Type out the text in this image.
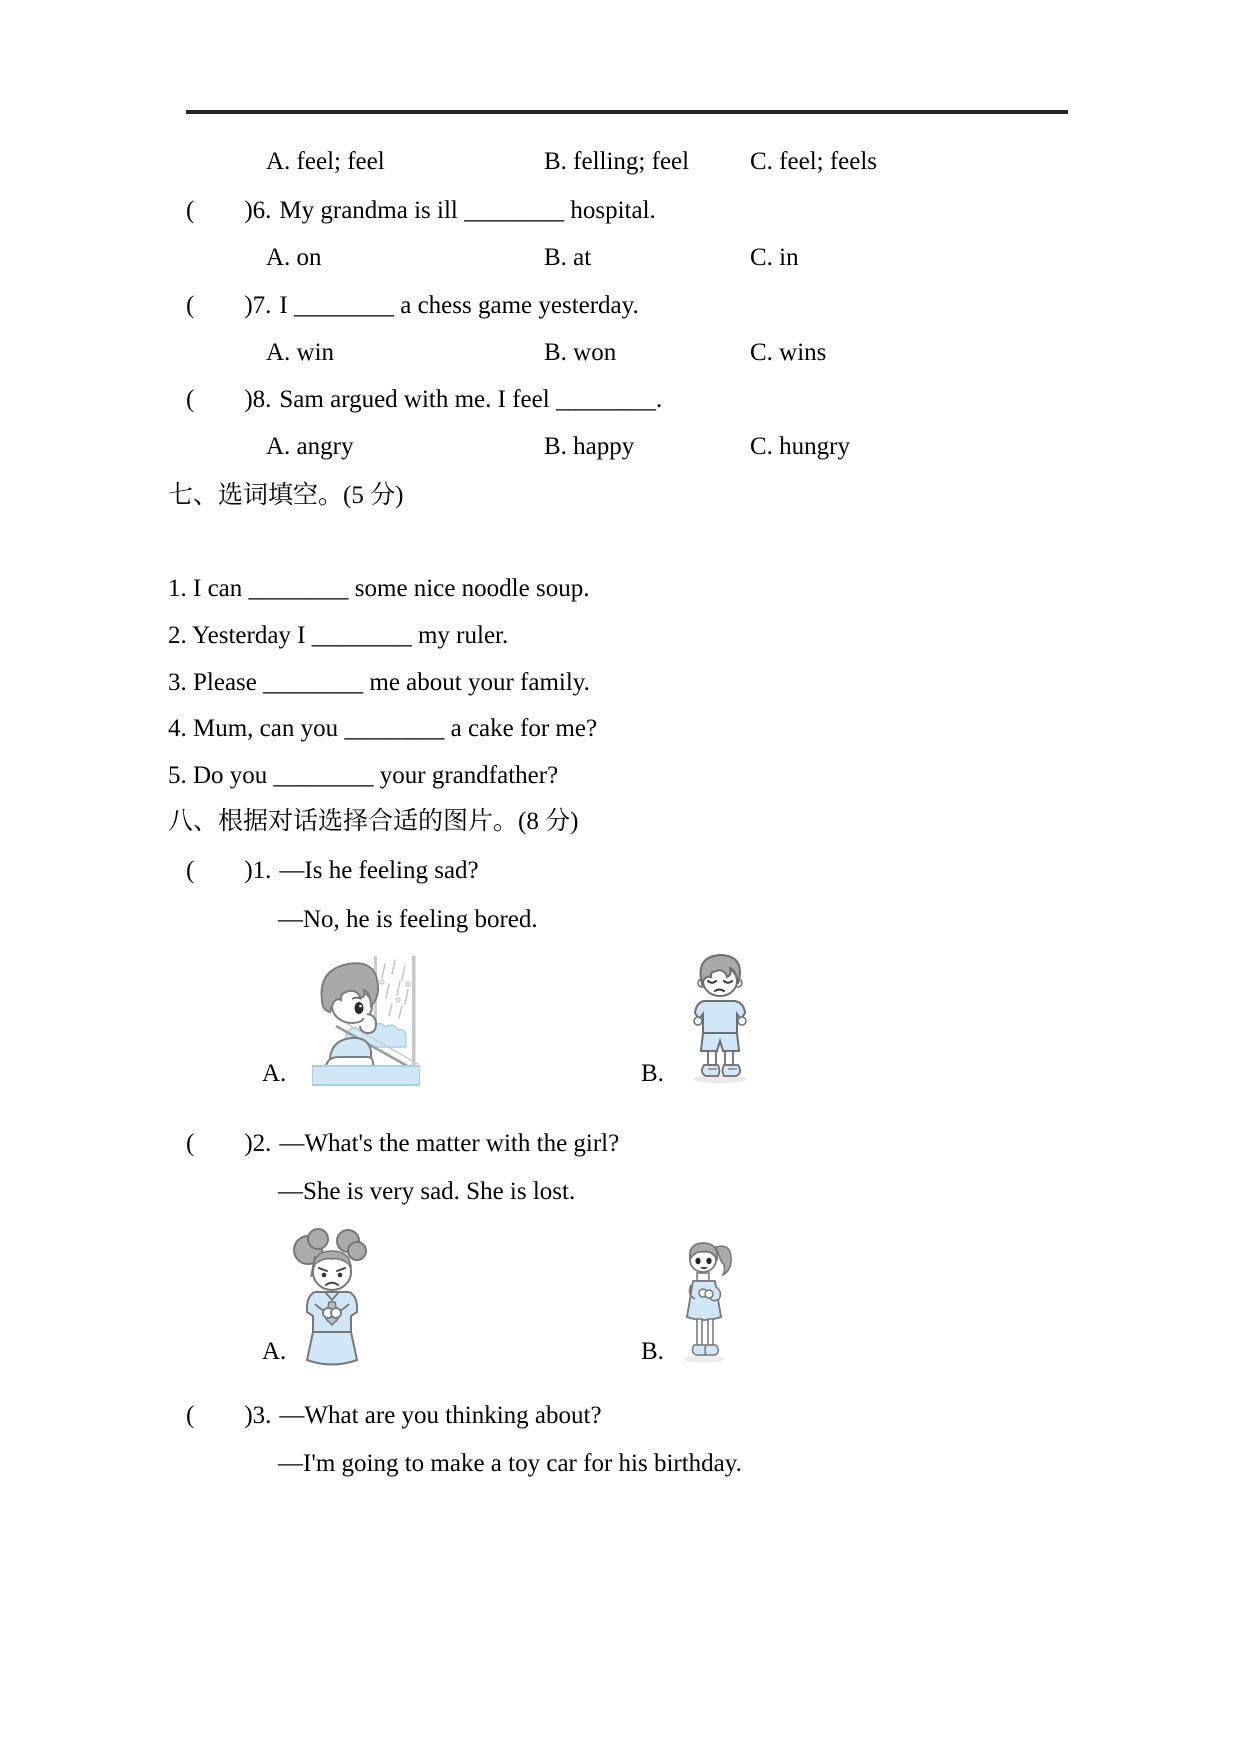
A. feel; feel	B. felling; feel C. feel; feels
(        )6. My grandma is ill ________ hospital.
A. on	B. at	C. in
(        )7. I ________ a chess game yesterday.
A. win	B. won	C. wins
(        )8. Sam argued with me. I feel ________.
A. angry	B. happy	C. hungry
七、选词填空。(5 分)
1. I can ________ some nice noodle soup.
2. Yesterday I ________ my ruler.
3. Please ________ me about your family.
4. Mum, can you ________ a cake for me?
5. Do you ________ your grandfather?
八、根据对话选择合适的图片。(8 分)
(        )1. —Is he feeling sad?
—No, he is feeling bored.
A.	B.
(        )2. —What's the matter with the girl?
—She is very sad. She is lost.
A.	B.
(        )3. —What are you thinking about?
—I'm going to make a toy car for his birthday.
